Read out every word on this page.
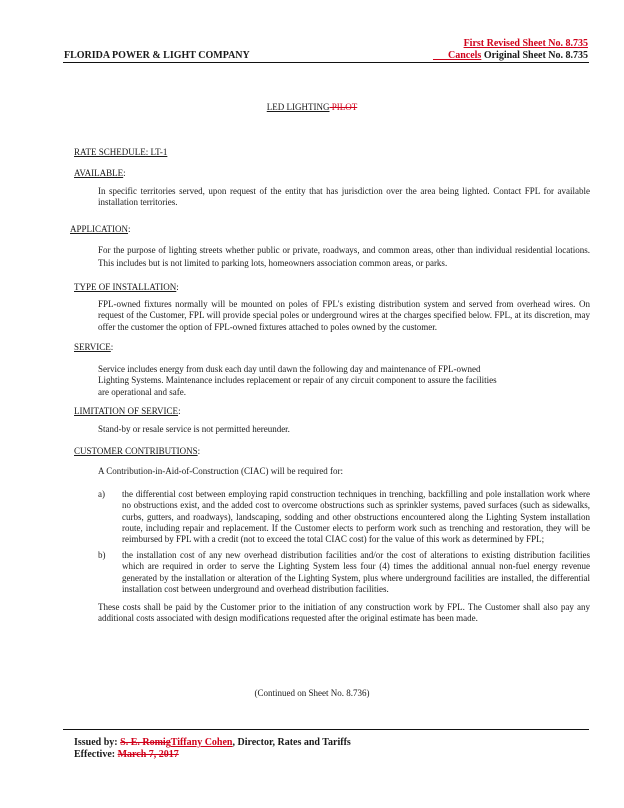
FLORIDA POWER & LIGHT COMPANY
First Revised Sheet No. 8.735
Cancels Original Sheet No. 8.735
LED LIGHTING PILOT
RATE SCHEDULE: LT-1
AVAILABLE:
In specific territories served, upon request of the entity that has jurisdiction over the area being lighted. Contact FPL for available installation territories.
APPLICATION:
For the purpose of lighting streets whether public or private, roadways, and common areas, other than individual residential locations. This includes but is not limited to parking lots, homeowners association common areas, or parks.
TYPE OF INSTALLATION:
FPL-owned fixtures normally will be mounted on poles of FPL's existing distribution system and served from overhead wires. On request of the Customer, FPL will provide special poles or underground wires at the charges specified below. FPL, at its discretion, may offer the customer the option of FPL-owned fixtures attached to poles owned by the customer.
SERVICE:
Service includes energy from dusk each day until dawn the following day and maintenance of FPL-owned Lighting Systems. Maintenance includes replacement or repair of any circuit component to assure the facilities are operational and safe.
LIMITATION OF SERVICE:
Stand-by or resale service is not permitted hereunder.
CUSTOMER CONTRIBUTIONS:
A Contribution-in-Aid-of-Construction (CIAC) will be required for:
a) the differential cost between employing rapid construction techniques in trenching, backfilling and pole installation work where no obstructions exist, and the added cost to overcome obstructions such as sprinkler systems, paved surfaces (such as sidewalks, curbs, gutters, and roadways), landscaping, sodding and other obstructions encountered along the Lighting System installation route, including repair and replacement. If the Customer elects to perform work such as trenching and restoration, they will be reimbursed by FPL with a credit (not to exceed the total CIAC cost) for the value of this work as determined by FPL;
b) the installation cost of any new overhead distribution facilities and/or the cost of alterations to existing distribution facilities which are required in order to serve the Lighting System less four (4) times the additional annual non-fuel energy revenue generated by the installation or alteration of the Lighting System, plus where underground facilities are installed, the differential installation cost between underground and overhead distribution facilities.
These costs shall be paid by the Customer prior to the initiation of any construction work by FPL. The Customer shall also pay any additional costs associated with design modifications requested after the original estimate has been made.
(Continued on Sheet No. 8.736)
Issued by: S. E. RomigTiffany Cohen, Director, Rates and Tariffs
Effective: March 7, 2017
